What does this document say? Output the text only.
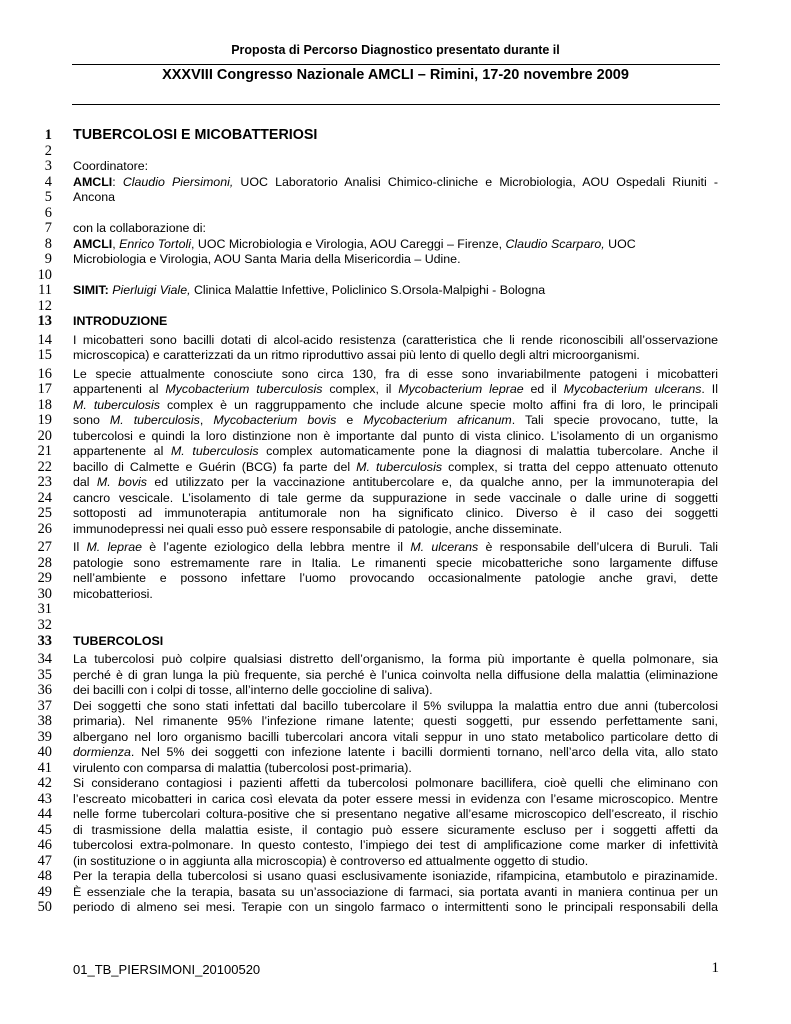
Proposta di Percorso Diagnostico presentato durante il
XXXVIII Congresso Nazionale AMCLI – Rimini, 17-20 novembre 2009
1 TUBERCOLOSI E MICOBATTERIOSI
2
3 Coordinatore:
4 AMCLI: Claudio Piersimoni, UOC Laboratorio Analisi Chimico-cliniche e Microbiologia, AOU Ospedali Riuniti -
5 Ancona
6
7 con la collaborazione di:
8 AMCLI, Enrico Tortoli, UOC Microbiologia e Virologia, AOU Careggi – Firenze, Claudio Scarparo, UOC
9 Microbiologia e Virologia, AOU Santa Maria della Misericordia – Udine.
10
11 SIMIT: Pierluigi Viale, Clinica Malattie Infettive, Policlinico S.Orsola-Malpighi - Bologna
12
13 INTRODUZIONE
14 I micobatteri sono bacilli dotati di alcol-acido resistenza (caratteristica che li rende riconoscibili all’osservazione
15 microscopica) e caratterizzati da un ritmo riproduttivo assai più lento di quello degli altri microorganismi.
16 Le specie attualmente conosciute sono circa 130, fra di esse sono invariabilmente patogeni i micobatteri
17 appartenenti al Mycobacterium tuberculosis complex, il Mycobacterium leprae ed il Mycobacterium ulcerans. Il
18 M. tuberculosis complex è un raggruppamento che include alcune specie molto affini fra di loro, le principali
19 sono M. tuberculosis, Mycobacterium bovis e Mycobacterium africanum. Tali specie provocano, tutte, la
20 tubercolosi e quindi la loro distinzione non è importante dal punto di vista clinico. L’isolamento di un organismo
21 appartenente al M. tuberculosis complex automaticamente pone la diagnosi di malattia tubercolare. Anche il
22 bacillo di Calmette e Guérin (BCG) fa parte del M. tuberculosis complex, si tratta del ceppo attenuato ottenuto
23 dal M. bovis ed utilizzato per la vaccinazione antitubercolare e, da qualche anno, per la immunoterapia del
24 cancro vescicale. L’isolamento di tale germe da suppurazione in sede vaccinale o dalle urine di soggetti
25 sottoposti ad immunoterapia antitumorale non ha significato clinico. Diverso è il caso dei soggetti
26 immunodepressi nei quali esso può essere responsabile di patologie, anche disseminate.
27 Il M. leprae è l’agente eziologico della lebbra mentre il M. ulcerans è responsabile dell’ulcera di Buruli. Tali
28 patologie sono estremamente rare in Italia. Le rimanenti specie micobatteriche sono largamente diffuse
29 nell’ambiente e possono infettare l’uomo provocando occasionalmente patologie anche gravi, dette
30 micobatteriosi.
31
32
33 TUBERCOLOSI
34 La tubercolosi può colpire qualsiasi distretto dell’organismo, la forma più importante è quella polmonare, sia
35 perché è di gran lunga la più frequente, sia perché è l’unica coinvolta nella diffusione della malattia (eliminazione
36 dei bacilli con i colpi di tosse, all’interno delle goccioline di saliva).
37 Dei soggetti che sono stati infettati dal bacillo tubercolare il 5% sviluppa la malattia entro due anni (tubercolosi
38 primaria). Nel rimanente 95% l’infezione rimane latente; questi soggetti, pur essendo perfettamente sani,
39 albergano nel loro organismo bacilli tubercolari ancora vitali seppur in uno stato metabolico particolare detto di
40 dormienza. Nel 5% dei soggetti con infezione latente i bacilli dormienti tornano, nell’arco della vita, allo stato
41 virulento con comparsa di malattia (tubercolosi post-primaria).
42 Si considerano contagiosi i pazienti affetti da tubercolosi polmonare bacillifera, cioè quelli che eliminano con
43 l’escreato micobatteri in carica così elevata da poter essere messi in evidenza con l’esame microscopico. Mentre
44 nelle forme tubercolari coltura-positive che si presentano negative all’esame microscopico dell’escreato, il rischio
45 di trasmissione della malattia esiste, il contagio può essere sicuramente escluso per i soggetti affetti da
46 tubercolosi extra-polmonare. In questo contesto, l’impiego dei test di amplificazione come marker di infettività
47 (in sostituzione o in aggiunta alla microscopia) è controverso ed attualmente oggetto di studio.
48 Per la terapia della tubercolosi si usano quasi esclusivamente isoniazide, rifampicina, etambutolo e pirazinamide.
49 È essenziale che la terapia, basata su un’associazione di farmaci, sia portata avanti in maniera continua per un
50 periodo di almeno sei mesi. Terapie con un singolo farmaco o intermittenti sono le principali responsabili della
01_TB_PIERSIMONI_20100520	1
